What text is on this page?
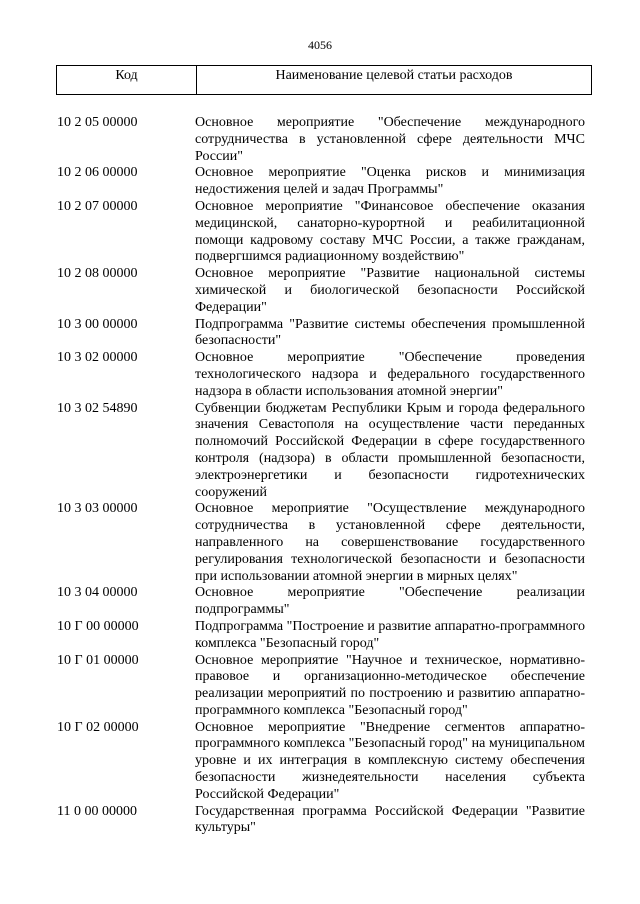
4056
Код	Наименование целевой статьи расходов
10 2 05 00000	Основное мероприятие "Обеспечение международного сотрудничества в установленной сфере деятельности МЧС России"
10 2 06 00000	Основное мероприятие "Оценка рисков и минимизация недостижения целей и задач Программы"
10 2 07 00000	Основное мероприятие "Финансовое обеспечение оказания медицинской, санаторно-курортной и реабилитационной помощи кадровому составу МЧС России, а также гражданам, подвергшимся радиационному воздействию"
10 2 08 00000	Основное мероприятие "Развитие национальной системы химической и биологической безопасности Российской Федерации"
10 3 00 00000	Подпрограмма "Развитие системы обеспечения промышленной безопасности"
10 3 02 00000	Основное мероприятие "Обеспечение проведения технологического надзора и федерального государственного надзора в области использования атомной энергии"
10 3 02 54890	Субвенции бюджетам Республики Крым и города федерального значения Севастополя на осуществление части переданных полномочий Российской Федерации в сфере государственного контроля (надзора) в области промышленной безопасности, электроэнергетики и безопасности гидротехнических сооружений
10 3 03 00000	Основное мероприятие "Осуществление международного сотрудничества в установленной сфере деятельности, направленного на совершенствование государственного регулирования технологической безопасности и безопасности при использовании атомной энергии в мирных целях"
10 3 04 00000	Основное мероприятие "Обеспечение реализации подпрограммы"
10 Г 00 00000	Подпрограмма "Построение и развитие аппаратно-программного комплекса "Безопасный город"
10 Г 01 00000	Основное мероприятие "Научное и техническое, нормативно-правовое и организационно-методическое обеспечение реализации мероприятий по построению и развитию аппаратно-программного комплекса "Безопасный город"
10 Г 02 00000	Основное мероприятие "Внедрение сегментов аппаратно-программного комплекса "Безопасный город" на муниципальном уровне и их интеграция в комплексную систему обеспечения безопасности жизнедеятельности населения субъекта Российской Федерации"
11 0 00 00000	Государственная программа Российской Федерации "Развитие культуры"
